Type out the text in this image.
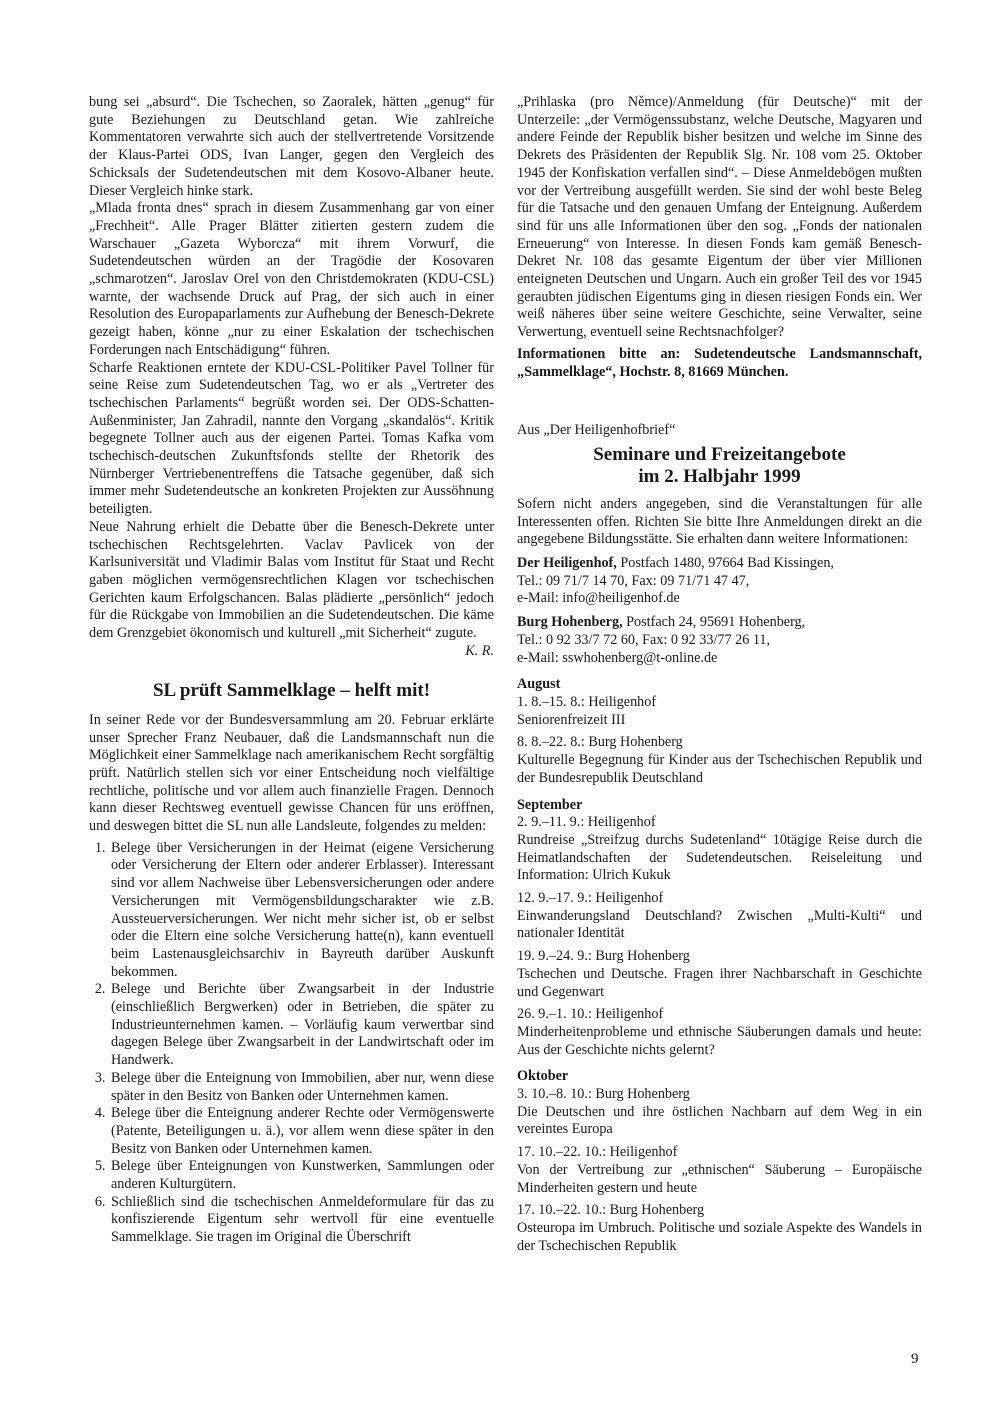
bung sei „absurd“. Die Tschechen, so Zaoralek, hätten „genug“ für gute Beziehungen zu Deutschland getan. Wie zahlreiche Kommentatoren verwahrte sich auch der stellvertretende Vorsitzende der Klaus-Partei ODS, Ivan Langer, gegen den Vergleich des Schicksals der Sudetendeutschen mit dem Kosovo-Albaner heute. Dieser Vergleich hinke stark.

„Mlada fronta dnes“ sprach in diesem Zusammenhang gar von einer „Frechheit“. Alle Prager Blätter zitierten gestern zudem die Warschauer „Gazeta Wyborcza“ mit ihrem Vorwurf, die Sudetendeutschen würden an der Tragödie der Kosovaren „schmarotzen“. Jaroslav Orel von den Christdemokraten (KDU-CSL) warnte, der wachsende Druck auf Prag, der sich auch in einer Resolution des Europaparlaments zur Aufhebung der Benesch-Dekrete gezeigt haben, könne „nur zu einer Eskalation der tschechischen Forderungen nach Entschädigung“ führen.

Scharfe Reaktionen erntete der KDU-CSL-Politiker Pavel Tollner für seine Reise zum Sudetendeutschen Tag, wo er als „Vertreter des tschechischen Parlaments“ begrüßt worden sei. Der ODS-Schatten-Außenminister, Jan Zahradil, nannte den Vorgang „skandalös“. Kritik begegnete Tollner auch aus der eigenen Partei. Tomas Kafka vom tschechisch-deutschen Zukunftsfonds stellte der Rhetorik des Nürnberger Vertriebenentreffens die Tatsache gegenüber, daß sich immer mehr Sudetendeutsche an konkreten Projekten zur Aussöhnung beteiligten.

Neue Nahrung erhielt die Debatte über die Benesch-Dekrete unter tschechischen Rechtsgelehrten. Vaclav Pavlicek von der Karlsuniversität und Vladimir Balas vom Institut für Staat und Recht gaben möglichen vermögensrechtlichen Klagen vor tschechischen Gerichten kaum Erfolgschancen. Balas plädierte „persönlich“ jedoch für die Rückgabe von Immobilien an die Sudetendeutschen. Die käme dem Grenzgebiet ökonomisch und kulturell „mit Sicherheit“ zugute.
K. R.

SL prüft Sammelklage – helft mit!

In seiner Rede vor der Bundesversammlung am 20. Februar erklärte unser Sprecher Franz Neubauer, daß die Landsmannschaft nun die Möglichkeit einer Sammelklage nach amerikanischem Recht sorgfältig prüft. Natürlich stellen sich vor einer Entscheidung noch vielfältige rechtliche, politische und vor allem auch finanzielle Fragen. Dennoch kann dieser Rechtsweg eventuell gewisse Chancen für uns eröffnen, und deswegen bittet die SL nun alle Landsleute, folgendes zu melden:

1. Belege über Versicherungen in der Heimat (eigene Versicherung oder Versicherung der Eltern oder anderer Erblasser). Interessant sind vor allem Nachweise über Lebensversicherungen oder andere Versicherungen mit Vermögensbildungscharakter wie z.B. Aussteuerversicherungen. Wer nicht mehr sicher ist, ob er selbst oder die Eltern eine solche Versicherung hatte(n), kann eventuell beim Lastenausgleichsarchiv in Bayreuth darüber Auskunft bekommen.
2. Belege und Berichte über Zwangsarbeit in der Industrie (einschließlich Bergwerken) oder in Betrieben, die später zu Industrieunternehmen kamen. – Vorläufig kaum verwertbar sind dagegen Belege über Zwangsarbeit in der Landwirtschaft oder im Handwerk.
3. Belege über die Enteignung von Immobilien, aber nur, wenn diese später in den Besitz von Banken oder Unternehmen kamen.
4. Belege über die Enteignung anderer Rechte oder Vermögenswerte (Patente, Beteiligungen u. ä.), vor allem wenn diese später in den Besitz von Banken oder Unternehmen kamen.
5. Belege über Enteignungen von Kunstwerken, Sammlungen oder anderen Kulturgütern.
6. Schließlich sind die tschechischen Anmeldeformulare für das zu konfiszierende Eigentum sehr wertvoll für eine eventuelle Sammelklage. Sie tragen im Original die Überschrift

„Prihlaska (pro Němce)/Anmeldung (für Deutsche)“ mit der Unterzeile: „der Vermögenssubstanz, welche Deutsche, Magyaren und andere Feinde der Republik bisher besitzen und welche im Sinne des Dekrets des Präsidenten der Republik Slg. Nr. 108 vom 25. Oktober 1945 der Konfiskation verfallen sind“. – Diese Anmeldebögen mußten vor der Vertreibung ausgefüllt werden. Sie sind der wohl beste Beleg für die Tatsache und den genauen Umfang der Enteignung. Außerdem sind für uns alle Informationen über den sog. „Fonds der nationalen Erneuerung“ von Interesse. In diesen Fonds kam gemäß Benesch-Dekret Nr. 108 das gesamte Eigentum der über vier Millionen enteigneten Deutschen und Ungarn. Auch ein großer Teil des vor 1945 geraubten jüdischen Eigentums ging in diesen riesigen Fonds ein. Wer weiß näheres über seine weitere Geschichte, seine Verwalter, seine Verwertung, eventuell seine Rechtsnachfolger?

Informationen bitte an: Sudetendeutsche Landsmannschaft, „Sammelklage“, Hochstr. 8, 81669 München.

Aus „Der Heiligenhofbrief“

Seminare und Freizeitangebote
im 2. Halbjahr 1999

Sofern nicht anders angegeben, sind die Veranstaltungen für alle Interessenten offen. Richten Sie bitte Ihre Anmeldungen direkt an die angegebene Bildungsstätte. Sie erhalten dann weitere Informationen:

Der Heiligenhof, Postfach 1480, 97664 Bad Kissingen,
Tel.: 09 71/7 14 70, Fax: 09 71/71 47 47,
e-Mail: info@heiligenhof.de

Burg Hohenberg, Postfach 24, 95691 Hohenberg,
Tel.: 0 92 33/7 72 60, Fax: 0 92 33/77 26 11,
e-Mail: sswhohenberg@t-online.de

August

1. 8.–15. 8.: Heiligenhof
Seniorenfreizeit III

8. 8.–22. 8.: Burg Hohenberg
Kulturelle Begegnung für Kinder aus der Tschechischen Republik und der Bundesrepublik Deutschland

September

2. 9.–11. 9.: Heiligenhof
Rundreise „Streifzug durchs Sudetenland“ 10tägige Reise durch die Heimatlandschaften der Sudetendeutschen. Reiseleitung und Information: Ulrich Kukuk

12. 9.–17. 9.: Heiligenhof
Einwanderungsland Deutschland? Zwischen „Multi-Kulti“ und nationaler Identität

19. 9.–24. 9.: Burg Hohenberg
Tschechen und Deutsche. Fragen ihrer Nachbarschaft in Geschichte und Gegenwart

26. 9.–1. 10.: Heiligenhof
Minderheitenprobleme und ethnische Säuberungen damals und heute: Aus der Geschichte nichts gelernt?

Oktober

3. 10.–8. 10.: Burg Hohenberg
Die Deutschen und ihre östlichen Nachbarn auf dem Weg in ein vereintes Europa

17. 10.–22. 10.: Heiligenhof
Von der Vertreibung zur „ethnischen“ Säuberung – Europäische Minderheiten gestern und heute

17. 10.–22. 10.: Burg Hohenberg
Osteuropa im Umbruch. Politische und soziale Aspekte des Wandels in der Tschechischen Republik

9
